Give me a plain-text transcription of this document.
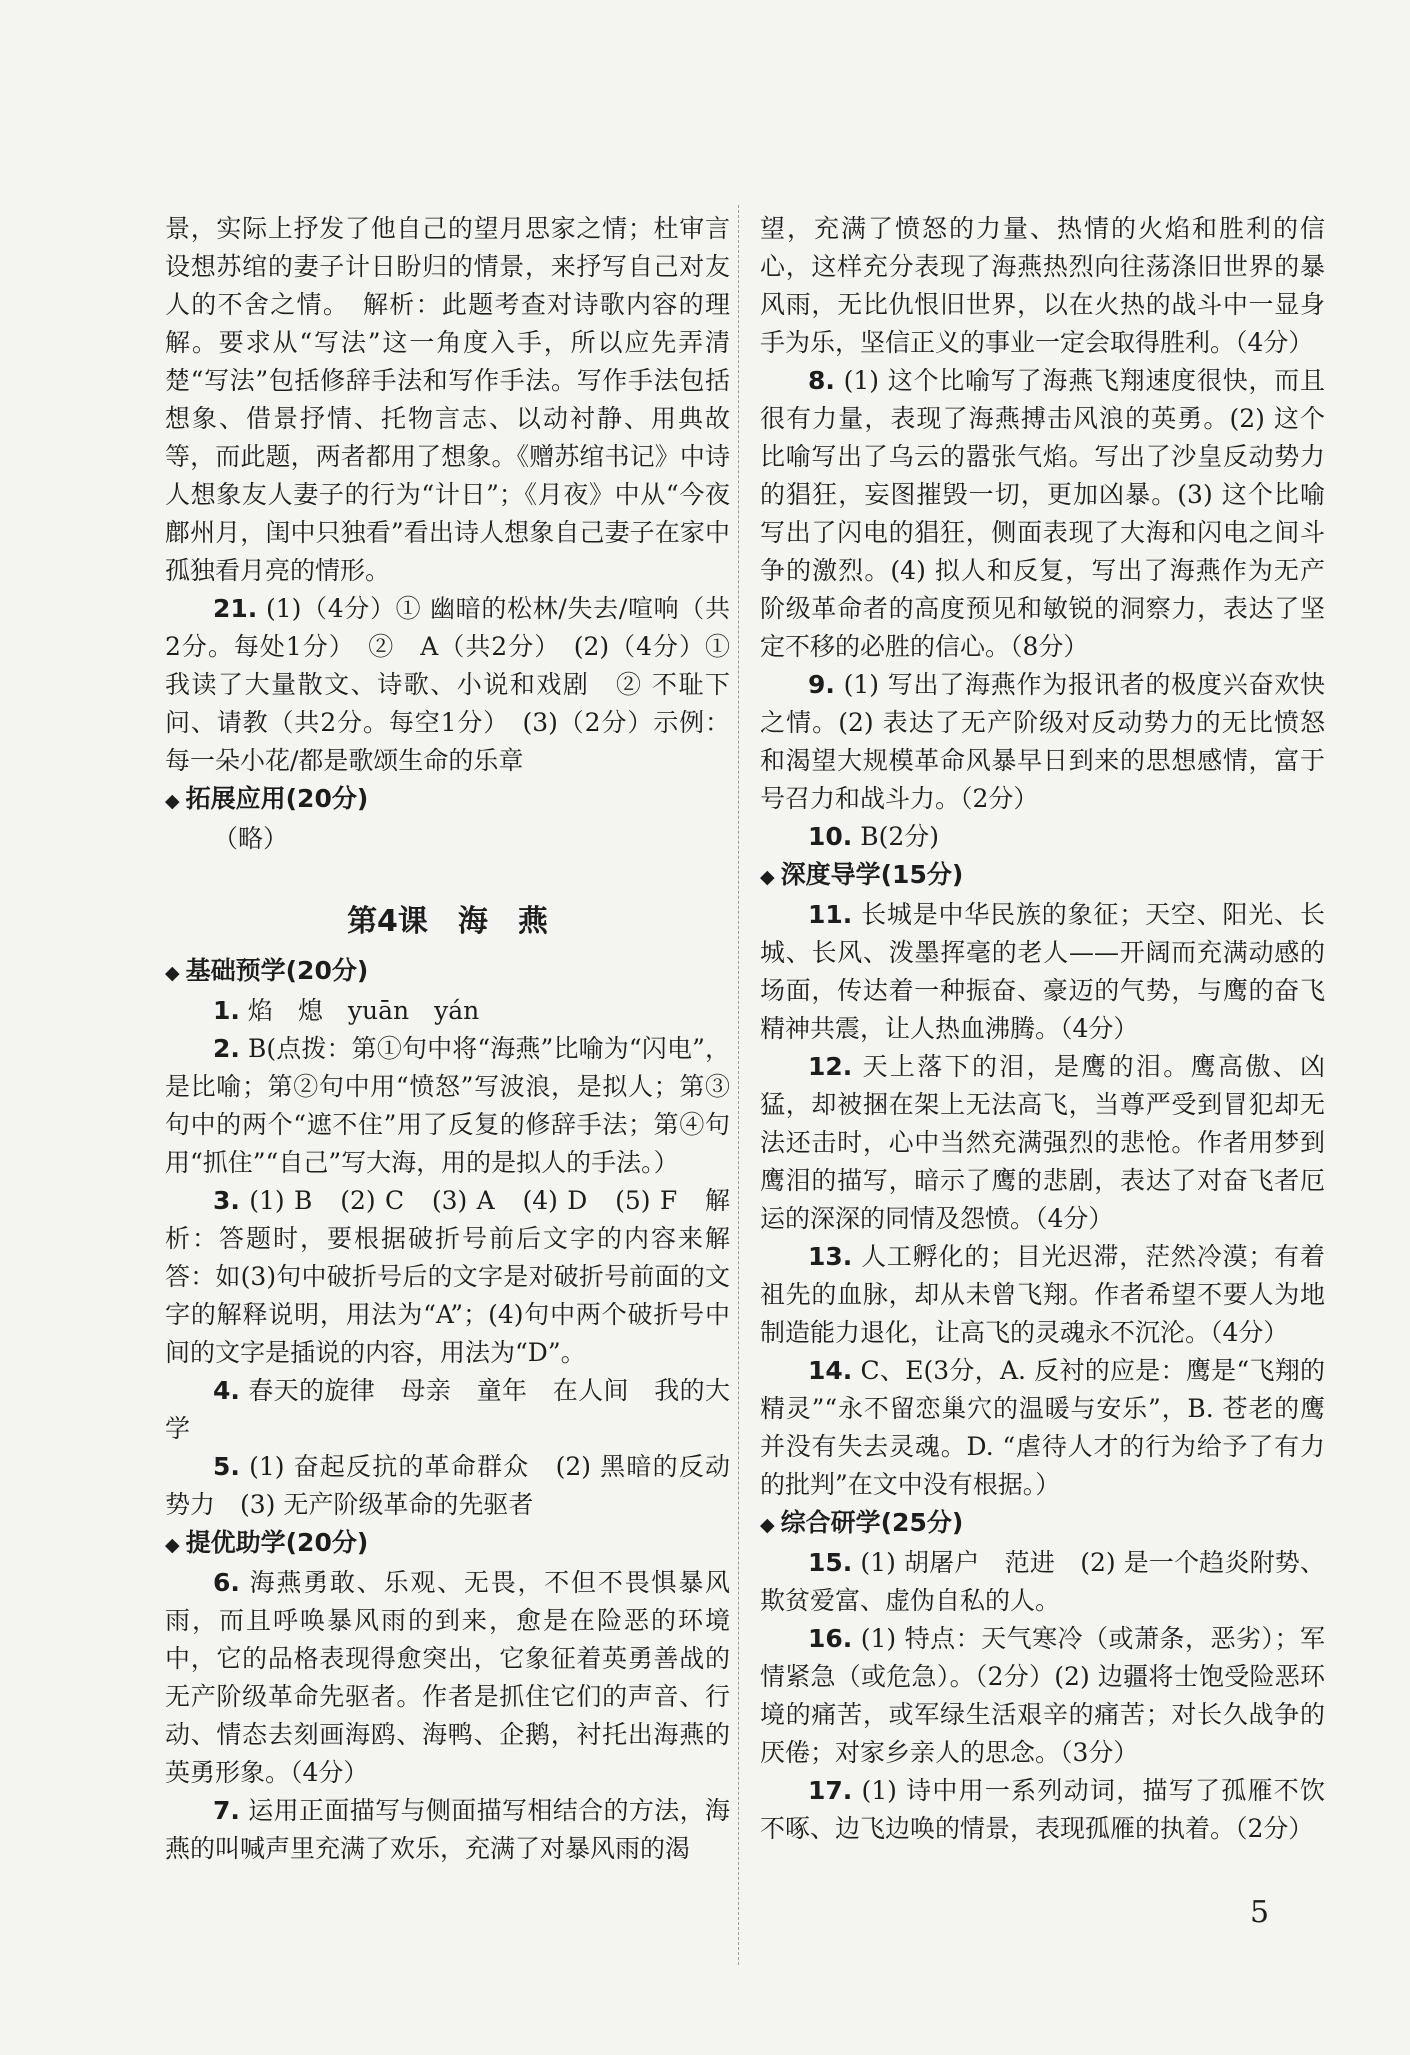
景，实际上抒发了他自己的望月思家之情；杜审言设想苏绾的妻子计日盼归的情景，来抒写自己对友人的不舍之情。　解析：此题考查对诗歌内容的理解。要求从“写法”这一角度入手，所以应先弄清楚“写法”包括修辞手法和写作手法。写作手法包括想象、借景抒情、托物言志、以动衬静、用典故等，而此题，两者都用了想象。《赠苏绾书记》中诗人想象友人妻子的行为“计日”；《月夜》中从“今夜鄜州月，闺中只独看”看出诗人想象自己妻子在家中孤独看月亮的情形。

21. (1)（4分）① 幽暗的松林/失去/喧响（共2分。每处1分）　②　A（共2分）　(2)（4分）① 我读了大量散文、诗歌、小说和戏剧　② 不耻下问、请教（共2分。每空1分）　(3)（2分）示例：每一朵小花/都是歌颂生命的乐章

◆ 拓展应用(20分)

（略）

第4课　海　燕
◆ 基础预学(20分)

1. 焰　熄　yuān　yán

2. B(点拨：第①句中将“海燕”比喻为“闪电”，是比喻；第②句中用“愤怒”写波浪，是拟人；第③句中的两个“遮不住”用了反复的修辞手法；第④句用“抓住”“自己”写大海，用的是拟人的手法。）

3. (1) B　(2) C　(3) A　(4) D　(5) F　解析：答题时，要根据破折号前后文字的内容来解答：如(3)句中破折号后的文字是对破折号前面的文字的解释说明，用法为“A”；(4)句中两个破折号中间的文字是插说的内容，用法为“D”。

4. 春天的旋律　母亲　童年　在人间　我的大学

5. (1) 奋起反抗的革命群众　(2) 黑暗的反动势力　(3) 无产阶级革命的先驱者

◆ 提优助学(20分)

6. 海燕勇敢、乐观、无畏，不但不畏惧暴风雨，而且呼唤暴风雨的到来，愈是在险恶的环境中，它的品格表现得愈突出，它象征着英勇善战的无产阶级革命先驱者。作者是抓住它们的声音、行动、情态去刻画海鸥、海鸭、企鹅，衬托出海燕的英勇形象。（4分）

7. 运用正面描写与侧面描写相结合的方法，海燕的叫喊声里充满了欢乐，充满了对暴风雨的渴

望，充满了愤怒的力量、热情的火焰和胜利的信心，这样充分表现了海燕热烈向往荡涤旧世界的暴风雨，无比仇恨旧世界，以在火热的战斗中一显身手为乐，坚信正义的事业一定会取得胜利。（4分）

8. (1) 这个比喻写了海燕飞翔速度很快，而且很有力量，表现了海燕搏击风浪的英勇。(2) 这个比喻写出了乌云的嚣张气焰。写出了沙皇反动势力的猖狂，妄图摧毁一切，更加凶暴。(3) 这个比喻写出了闪电的猖狂，侧面表现了大海和闪电之间斗争的激烈。(4) 拟人和反复，写出了海燕作为无产阶级革命者的高度预见和敏锐的洞察力，表达了坚定不移的必胜的信心。（8分）

9. (1) 写出了海燕作为报讯者的极度兴奋欢快之情。(2) 表达了无产阶级对反动势力的无比愤怒和渴望大规模革命风暴早日到来的思想感情，富于号召力和战斗力。（2分）

10. B(2分)

◆ 深度导学(15分)

11. 长城是中华民族的象征；天空、阳光、长城、长风、泼墨挥毫的老人——开阔而充满动感的场面，传达着一种振奋、豪迈的气势，与鹰的奋飞精神共震，让人热血沸腾。（4分）

12. 天上落下的泪，是鹰的泪。鹰高傲、凶猛，却被捆在架上无法高飞，当尊严受到冒犯却无法还击时，心中当然充满强烈的悲怆。作者用梦到鹰泪的描写，暗示了鹰的悲剧，表达了对奋飞者厄运的深深的同情及怨愤。（4分）

13. 人工孵化的；目光迟滞，茫然冷漠；有着祖先的血脉，却从未曾飞翔。作者希望不要人为地制造能力退化，让高飞的灵魂永不沉沦。（4分）

14. C、E(3分，A. 反衬的应是：鹰是“飞翔的精灵”“永不留恋巢穴的温暖与安乐”，B. 苍老的鹰并没有失去灵魂。D. “虐待人才的行为给予了有力的批判”在文中没有根据。）

◆ 综合研学(25分)

15. (1) 胡屠户　范进　(2) 是一个趋炎附势、欺贫爱富、虚伪自私的人。

16. (1) 特点：天气寒冷（或萧条，恶劣）；军情紧急（或危急）。（2分）(2) 边疆将士饱受险恶环境的痛苦，或军绿生活艰辛的痛苦；对长久战争的厌倦；对家乡亲人的思念。（3分）

17. (1) 诗中用一系列动词，描写了孤雁不饮不啄、边飞边唤的情景，表现孤雁的执着。（2分）

5
